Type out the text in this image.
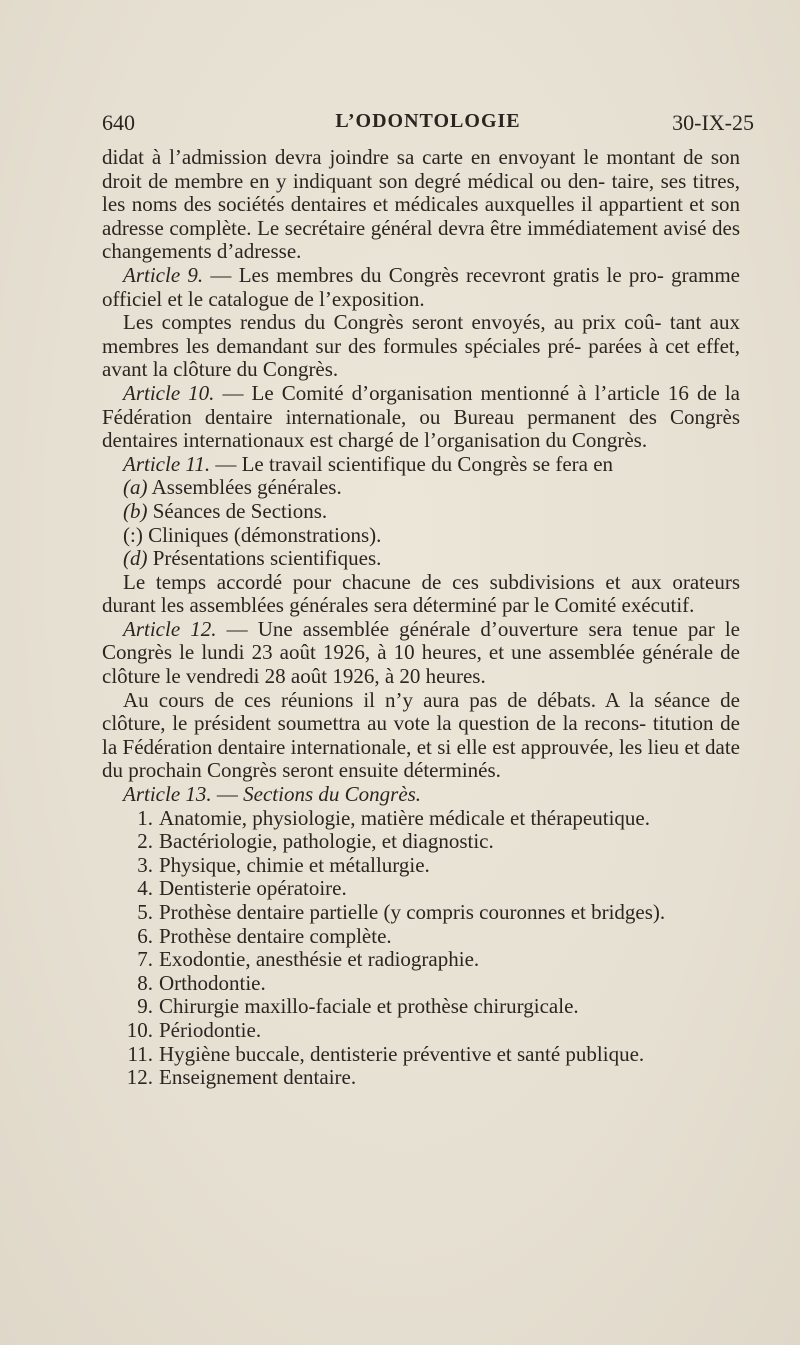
640	L’ODONTOLOGIE	30-IX-25

didat à l’admission devra joindre sa carte en envoyant le montant de son droit de membre en y indiquant son degré médical ou den- taire, ses titres, les noms des sociétés dentaires et médicales auxquelles il appartient et son adresse complète. Le secrétaire général devra être immédiatement avisé des changements d’adresse.

Article 9. — Les membres du Congrès recevront gratis le pro- gramme officiel et le catalogue de l’exposition.

Les comptes rendus du Congrès seront envoyés, au prix coû- tant aux membres les demandant sur des formules spéciales pré- parées à cet effet, avant la clôture du Congrès.

Article 10. — Le Comité d’organisation mentionné à l’article 16 de la Fédération dentaire internationale, ou Bureau permanent des Congrès dentaires internationaux est chargé de l’organisation du Congrès.

Article 11. — Le travail scientifique du Congrès se fera en

(a) Assemblées générales.
(b) Séances de Sections.
(:) Cliniques (démonstrations).
(d) Présentations scientifiques.

Le temps accordé pour chacune de ces subdivisions et aux orateurs durant les assemblées générales sera déterminé par le Comité exécutif.

Article 12. — Une assemblée générale d’ouverture sera tenue par le Congrès le lundi 23 août 1926, à 10 heures, et une assemblée générale de clôture le vendredi 28 août 1926, à 20 heures.

Au cours de ces réunions il n’y aura pas de débats. A la séance de clôture, le président soumettra au vote la question de la recons- titution de la Fédération dentaire internationale, et si elle est approuvée, les lieu et date du prochain Congrès seront ensuite déterminés.

Article 13. — Sections du Congrès.

1. Anatomie, physiologie, matière médicale et thérapeutique.
2. Bactériologie, pathologie, et diagnostic.
3. Physique, chimie et métallurgie.
4. Dentisterie opératoire.
5. Prothèse dentaire partielle (y compris couronnes et bridges).
6. Prothèse dentaire complète.
7. Exodontie, anesthésie et radiographie.
8. Orthodontie.
9. Chirurgie maxillo-faciale et prothèse chirurgicale.
10. Périodontie.
11. Hygiène buccale, dentisterie préventive et santé publique.
12. Enseignement dentaire.
